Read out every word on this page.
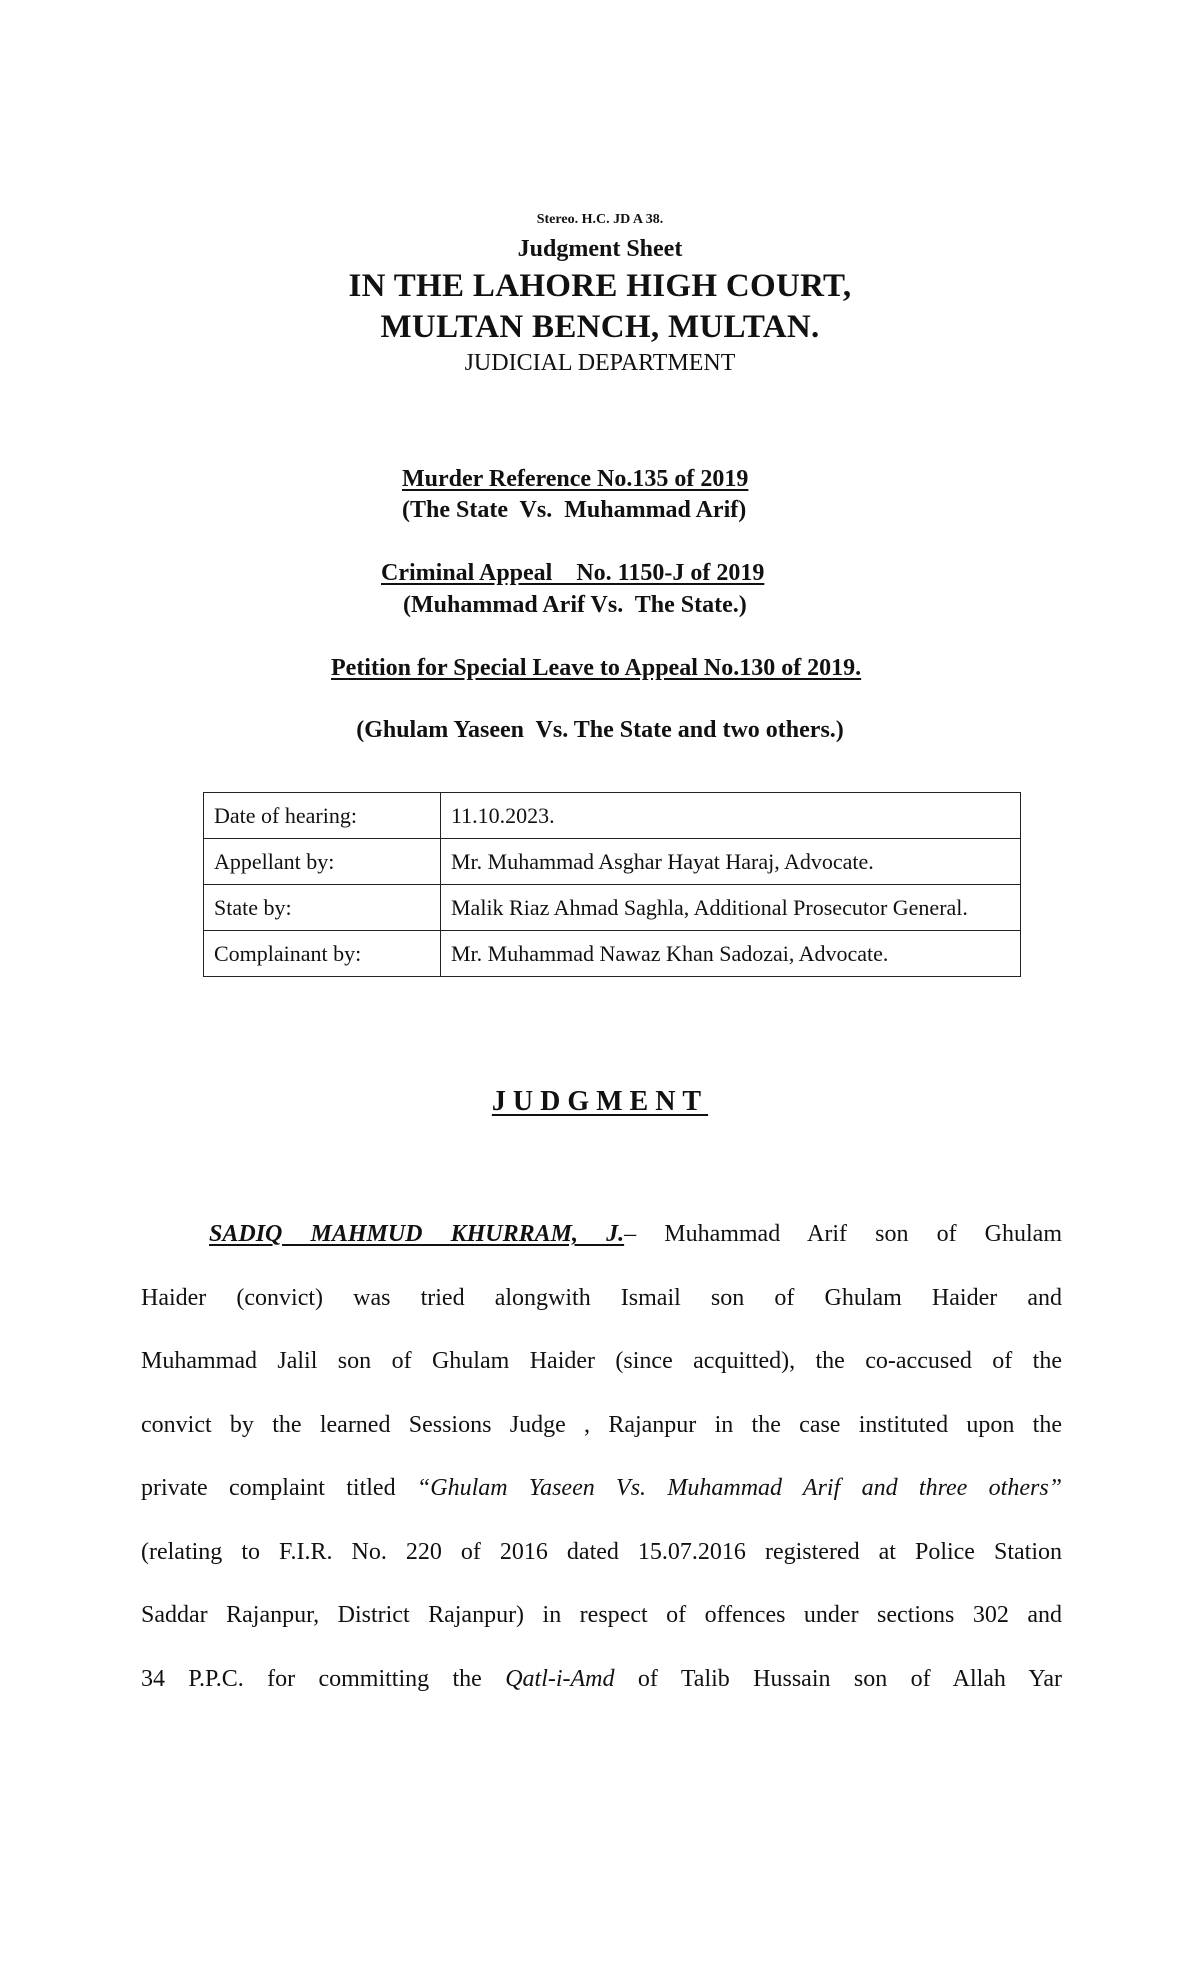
Stereo. H.C. JD A 38.
Judgment Sheet
IN THE LAHORE HIGH COURT,
MULTAN BENCH, MULTAN.
JUDICIAL DEPARTMENT
Murder Reference No.135 of 2019
(The State  Vs.  Muhammad Arif)
Criminal Appeal    No. 1150-J of 2019
(Muhammad Arif Vs.  The State.)
Petition for Special Leave to Appeal No.130 of 2019.
(Ghulam Yaseen  Vs. The State and two others.)
Date of hearing:	11.10.2023.
Appellant by:	Mr. Muhammad Asghar Hayat Haraj, Advocate.
State by:	Malik Riaz Ahmad Saghla, Additional Prosecutor General.
Complainant by:	Mr. Muhammad Nawaz Khan Sadozai, Advocate.
JUDGMENT
SADIQ MAHMUD KHURRAM, J.– Muhammad Arif son of Ghulam
Haider (convict) was tried alongwith Ismail son of Ghulam Haider and
Muhammad Jalil son of Ghulam Haider (since acquitted), the co-accused of the
convict by the learned Sessions Judge , Rajanpur in the case instituted upon the
private complaint titled “Ghulam Yaseen Vs. Muhammad Arif and three others”
(relating to F.I.R. No. 220 of 2016 dated 15.07.2016 registered at Police Station
Saddar Rajanpur, District Rajanpur) in respect of offences under sections 302 and
34 P.P.C. for committing the Qatl-i-Amd of Talib Hussain son of Allah Yar
